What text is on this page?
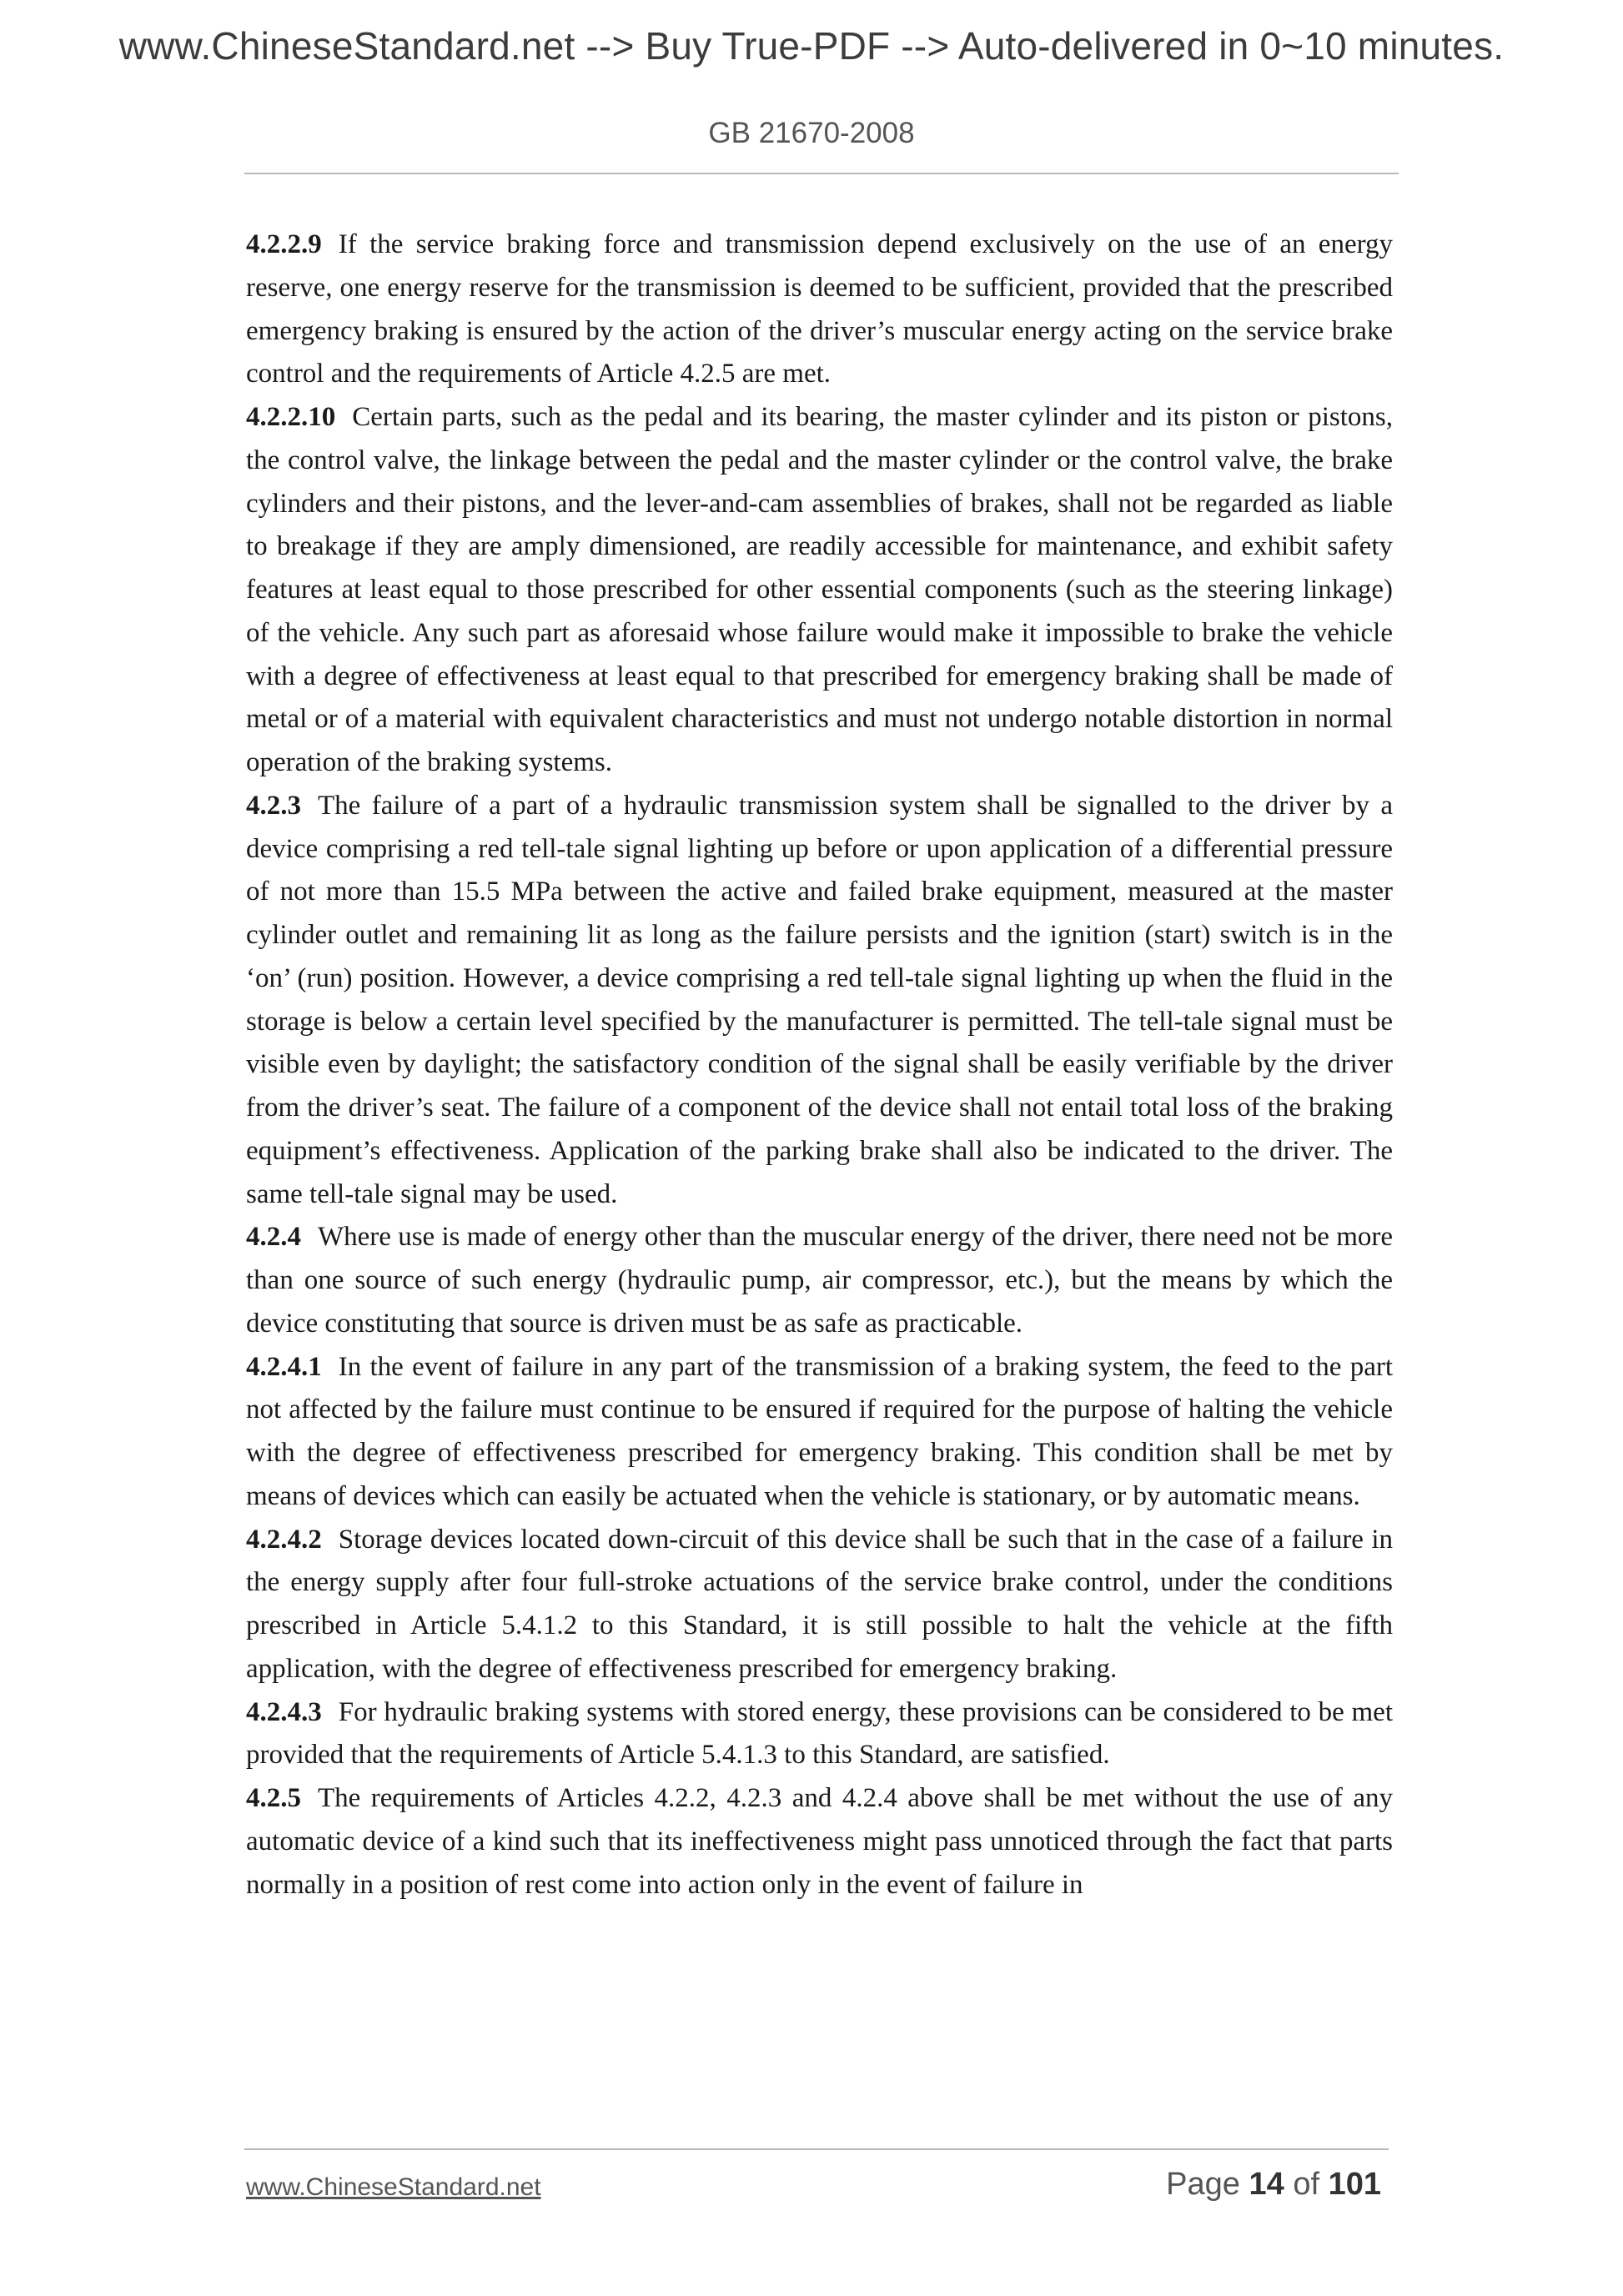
www.ChineseStandard.net --> Buy True-PDF --> Auto-delivered in 0~10 minutes.
GB 21670-2008

4.2.2.9 If the service braking force and transmission depend exclusively on the use of an energy reserve, one energy reserve for the transmission is deemed to be sufficient, provided that the prescribed emergency braking is ensured by the action of the driver’s muscular energy acting on the service brake control and the requirements of Article 4.2.5 are met.

4.2.2.10 Certain parts, such as the pedal and its bearing, the master cylinder and its piston or pistons, the control valve, the linkage between the pedal and the master cylinder or the control valve, the brake cylinders and their pistons, and the lever-and-cam assemblies of brakes, shall not be regarded as liable to breakage if they are amply dimensioned, are readily accessible for maintenance, and exhibit safety features at least equal to those prescribed for other essential components (such as the steering linkage) of the vehicle. Any such part as aforesaid whose failure would make it impossible to brake the vehicle with a degree of effectiveness at least equal to that prescribed for emergency braking shall be made of metal or of a material with equivalent characteristics and must not undergo notable distortion in normal operation of the braking systems.

4.2.3 The failure of a part of a hydraulic transmission system shall be signalled to the driver by a device comprising a red tell-tale signal lighting up before or upon application of a differential pressure of not more than 15.5 MPa between the active and failed brake equipment, measured at the master cylinder outlet and remaining lit as long as the failure persists and the ignition (start) switch is in the ‘on’ (run) position. However, a device comprising a red tell-tale signal lighting up when the fluid in the storage is below a certain level specified by the manufacturer is permitted. The tell-tale signal must be visible even by daylight; the satisfactory condition of the signal shall be easily verifiable by the driver from the driver’s seat. The failure of a component of the device shall not entail total loss of the braking equipment’s effectiveness. Application of the parking brake shall also be indicated to the driver. The same tell-tale signal may be used.

4.2.4 Where use is made of energy other than the muscular energy of the driver, there need not be more than one source of such energy (hydraulic pump, air compressor, etc.), but the means by which the device constituting that source is driven must be as safe as practicable.

4.2.4.1 In the event of failure in any part of the transmission of a braking system, the feed to the part not affected by the failure must continue to be ensured if required for the purpose of halting the vehicle with the degree of effectiveness prescribed for emergency braking. This condition shall be met by means of devices which can easily be actuated when the vehicle is stationary, or by automatic means.

4.2.4.2 Storage devices located down-circuit of this device shall be such that in the case of a failure in the energy supply after four full-stroke actuations of the service brake control, under the conditions prescribed in Article 5.4.1.2 to this Standard, it is still possible to halt the vehicle at the fifth application, with the degree of effectiveness prescribed for emergency braking.

4.2.4.3 For hydraulic braking systems with stored energy, these provisions can be considered to be met provided that the requirements of Article 5.4.1.3 to this Standard, are satisfied.

4.2.5 The requirements of Articles 4.2.2, 4.2.3 and 4.2.4 above shall be met without the use of any automatic device of a kind such that its ineffectiveness might pass unnoticed through the fact that parts normally in a position of rest come into action only in the event of failure in

www.ChineseStandard.net	Page 14 of 101
